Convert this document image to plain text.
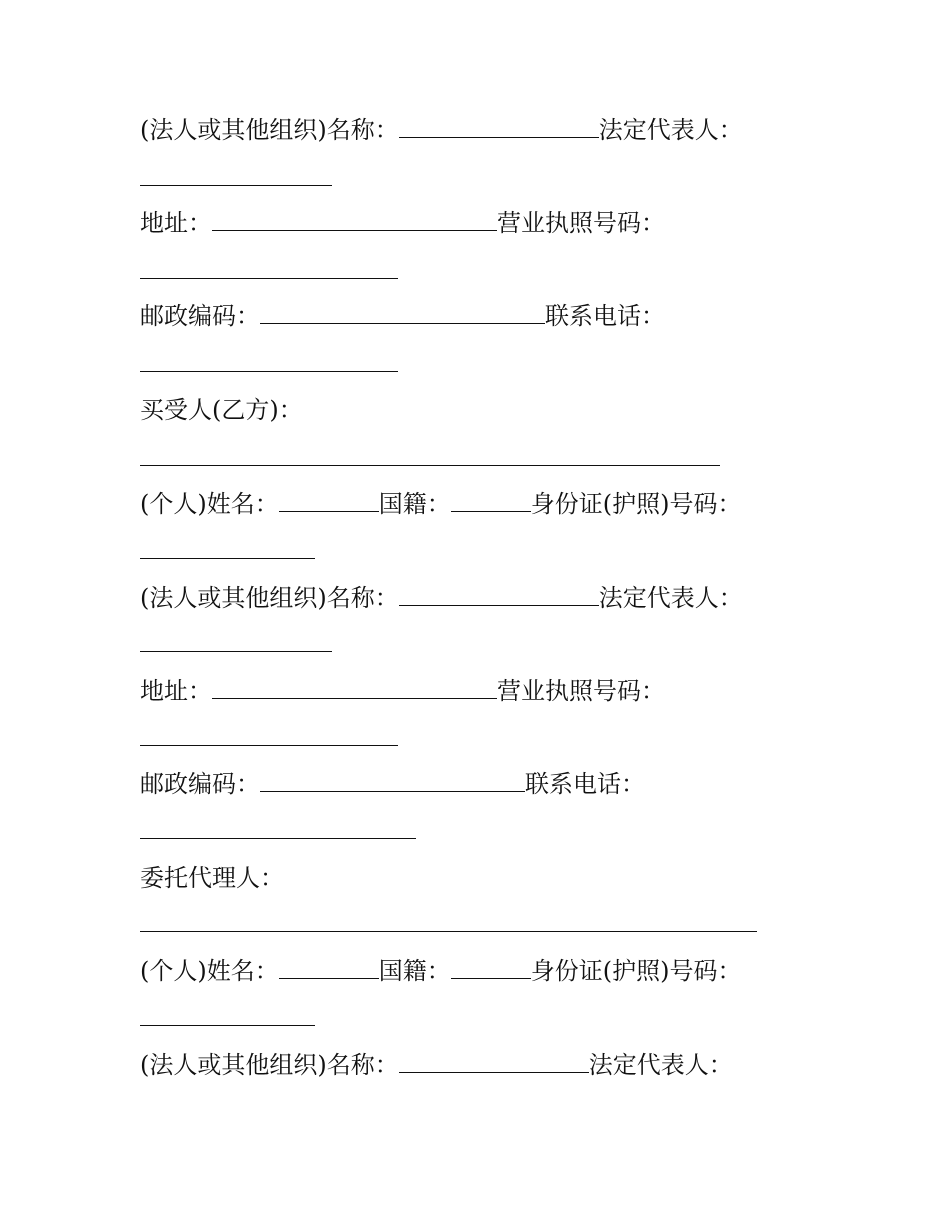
(法人或其他组织)名称：	法定代表人：
地址：	营业执照号码：
邮政编码：	联系电话：
买受人(乙方)：
(个人)姓名：	国籍：	身份证(护照)号码：
(法人或其他组织)名称：	法定代表人：
地址：	营业执照号码：
邮政编码：	联系电话：
委托代理人：
(个人)姓名：	国籍：	身份证(护照)号码：
(法人或其他组织)名称：	法定代表人：
